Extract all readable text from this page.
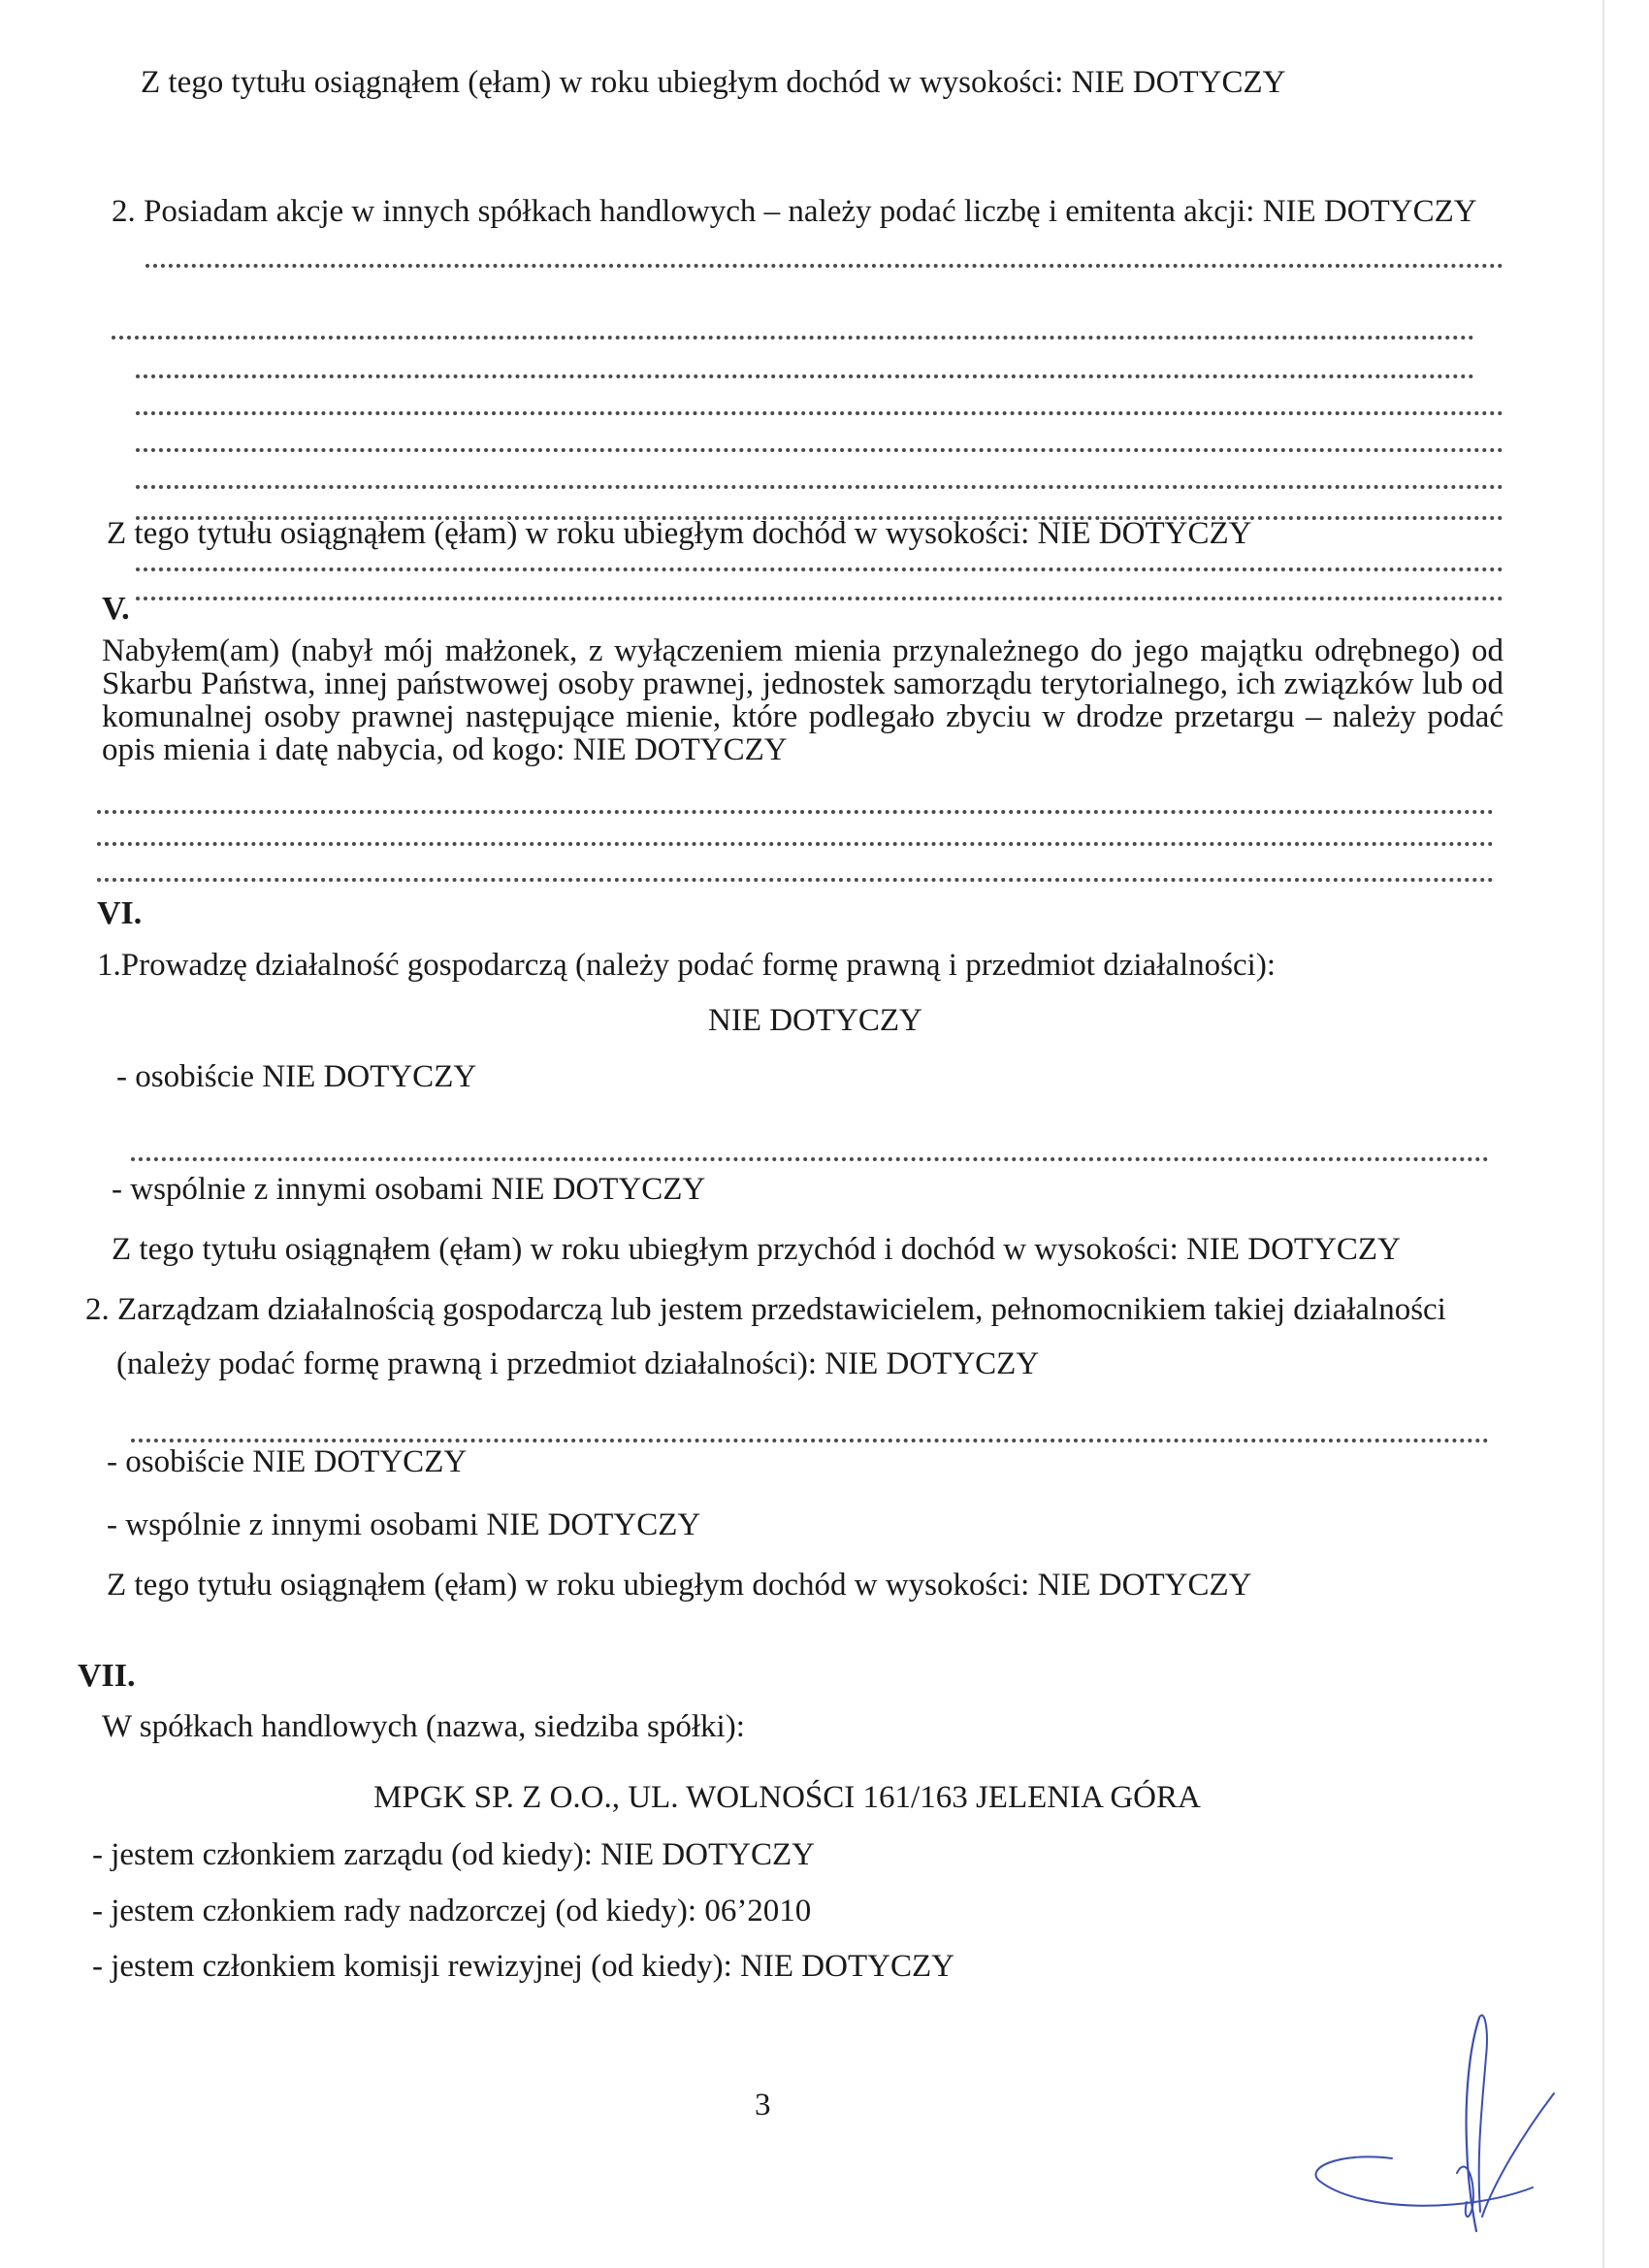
Z tego tytułu osiągnąłem (ęłam) w roku ubiegłym dochód w wysokości: NIE DOTYCZY
2. Posiadam akcje w innych spółkach handlowych – należy podać liczbę i emitenta akcji: NIE DOTYCZY
Z tego tytułu osiągnąłem (ęłam) w roku ubiegłym dochód w wysokości: NIE DOTYCZY
V.
Nabyłem(am) (nabył mój małżonek, z wyłączeniem mienia przynależnego do jego majątku odrębnego) od Skarbu Państwa, innej państwowej osoby prawnej, jednostek samorządu terytorialnego, ich związków lub od komunalnej osoby prawnej następujące mienie, które podlegało zbyciu w drodze przetargu – należy podać opis mienia i datę nabycia, od kogo: NIE DOTYCZY
VI.
1.Prowadzę działalność gospodarczą (należy podać formę prawną i przedmiot działalności):
NIE DOTYCZY
- osobiście NIE DOTYCZY
- wspólnie z innymi osobami NIE DOTYCZY
Z tego tytułu osiągnąłem (ęłam) w roku ubiegłym przychód i dochód w wysokości: NIE DOTYCZY
2. Zarządzam działalnością gospodarczą lub jestem przedstawicielem, pełnomocnikiem takiej działalności
(należy podać formę prawną i przedmiot działalności): NIE DOTYCZY
- osobiście NIE DOTYCZY
- wspólnie z innymi osobami NIE DOTYCZY
Z tego tytułu osiągnąłem (ęłam) w roku ubiegłym dochód w wysokości: NIE DOTYCZY
VII.
W spółkach handlowych (nazwa, siedziba spółki):
MPGK SP. Z O.O., UL. WOLNOŚCI 161/163 JELENIA GÓRA
- jestem członkiem zarządu (od kiedy): NIE DOTYCZY
- jestem członkiem rady nadzorczej (od kiedy): 06’2010
- jestem członkiem komisji rewizyjnej (od kiedy): NIE DOTYCZY
3
